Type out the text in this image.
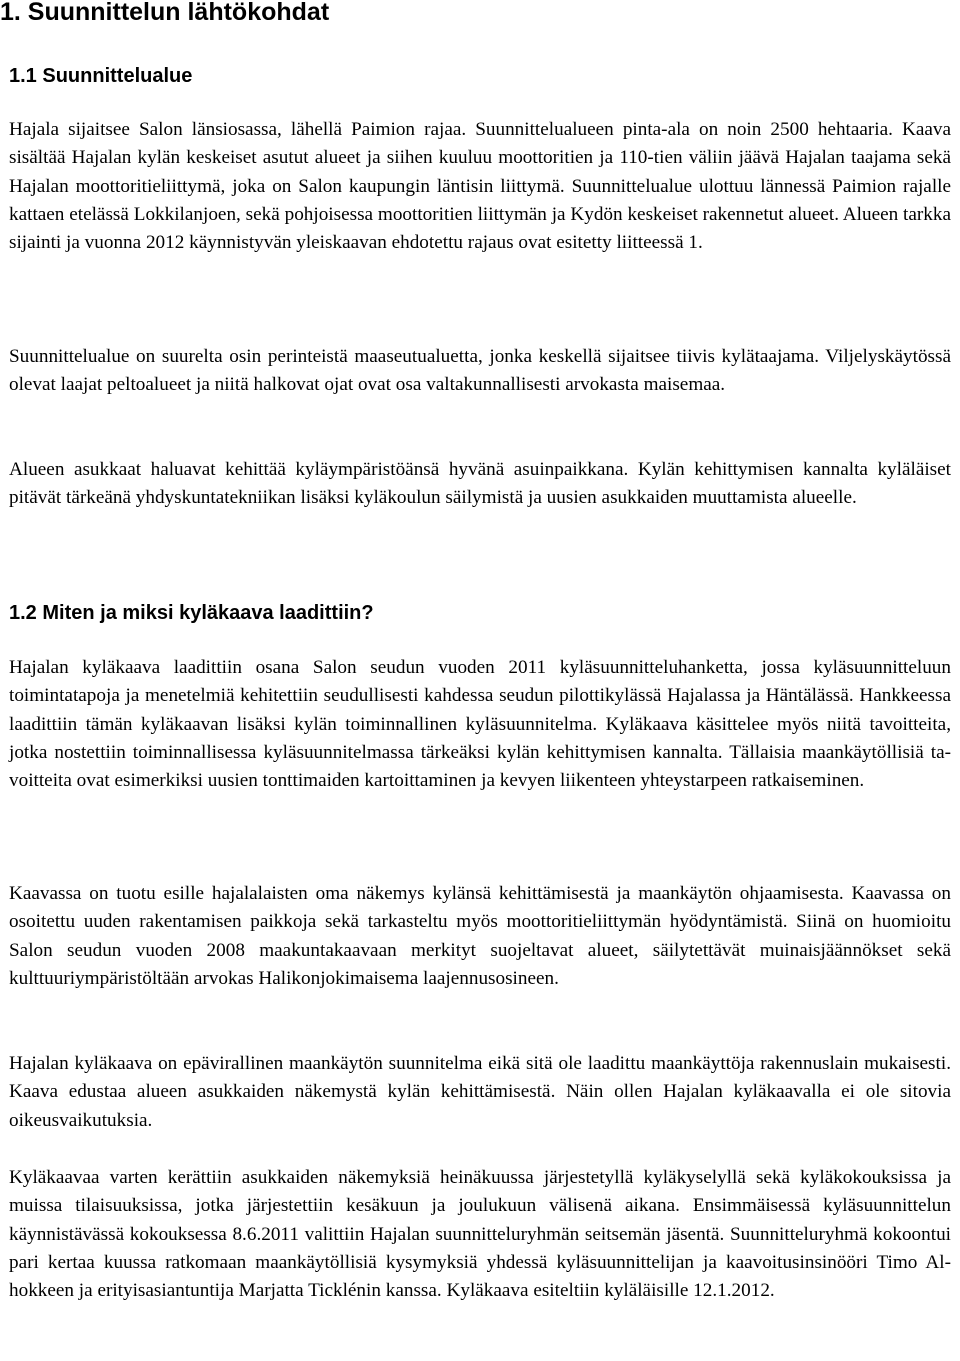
1. Suunnittelun lähtökohdat
1.1 Suunnittelualue

Hajala sijaitsee Salon länsiosassa, lähellä Paimion rajaa. Suunnittelualueen pinta-ala on noin 2500 hehtaaria. Kaava sisältää Hajalan kylän keskeiset asutut alueet ja siihen kuuluu moottoritien ja 110-tien väliin jäävä Hajalan taajama sekä Hajalan moottoritieliittymä, joka on Salon kaupungin läntisin liittymä. Suunnittelualue ulottuu lännessä Paimion rajalle kattaen etelässä Lokkilanjoen, sekä pohjoisessa moottoritien liittymän ja Kydön keskeiset rakennetut alueet. Alueen tarkka sijainti ja vuonna 2012 käynnistyvän yleiskaavan ehdotettu rajaus ovat esitetty liitteessä 1.

Suunnittelualue on suurelta osin perinteistä maaseutualuetta, jonka keskellä sijaitsee tiivis kylätaajama. Viljelyskäytössä olevat laajat peltoalueet ja niitä halkovat ojat ovat osa valtakunnallisesti arvokasta maisemaa.

Alueen asukkaat haluavat kehittää kyläympäristöänsä hyvänä asuinpaikkana. Kylän kehittymisen kannalta kyläläiset pitävät tärkeänä yhdyskuntatekniikan lisäksi kyläkoulun säilymistä ja uusien asukkaiden muuttamista alueelle.

1.2 Miten ja miksi kyläkaava laadittiin?

Hajalan kyläkaava laadittiin osana Salon seudun vuoden 2011 kyläsuunnitteluhanketta, jossa kyläsuunnitteluun toimintatapoja ja menetelmiä kehitettiin seudullisesti kahdessa seudun pilottikylässä Hajalassa ja Häntälässä. Hankkeessa laadittiin tämän kyläkaavan lisäksi kylän toiminnallinen kyläsuunnitelma. Kyläkaava käsittelee myös niitä tavoitteita, jotka nostettiin toiminnallisessa kyläsuunnitelmassa tärkeäksi kylän kehittymisen kannalta. Tällaisia maankäytöllisiä tavoitteita ovat esimerkiksi uusien tonttimaiden kartoittaminen ja kevyen liikenteen yhteystarpeen ratkaiseminen.

Kaavassa on tuotu esille hajalalaisten oma näkemys kylänsä kehittämisestä ja maankäytön ohjaamisesta. Kaavassa on osoitettu uuden rakentamisen paikkoja sekä tarkasteltu myös moottoritieliittymän hyödyntämistä. Siinä on huomioitu Salon seudun vuoden 2008 maakuntakaavaan merkityt suojeltavat alueet, säilytettävät muinaisjäännökset sekä kulttuuriympäristöltään arvokas Halikonjokimaisema laajennusosineen.

Hajalan kyläkaava on epävirallinen maankäytön suunnitelma eikä sitä ole laadittu maankäyttöja rakennuslain mukaisesti. Kaava edustaa alueen asukkaiden näkemystä kylän kehittämisestä. Näin ollen Hajalan kyläkaavalla ei ole sitovia oikeusvaikutuksia.

Kyläkaavaa varten kerättiin asukkaiden näkemyksiä heinäkuussa järjestetyllä kyläkyselyllä sekä kyläkokouksissa ja muissa tilaisuuksissa, jotka järjestettiin kesäkuun ja joulukuun välisenä aikana. Ensimmäisessä kyläsuunnittelun käynnistävässä kokouksessa 8.6.2011 valittiin Hajalan suunnitteluryhmän seitsemän jäsentä. Suunnitteluryhmä kokoontui pari kertaa kuussa ratkomaan maankäytöllisiä kysymyksiä yhdessä kyläsuunnittelijan ja kaavoitusinsinööri Timo Alhokkeen ja erityisasiantuntija Marjatta Ticklénin kanssa. Kyläkaava esiteltiin kyläläisille 12.1.2012.
